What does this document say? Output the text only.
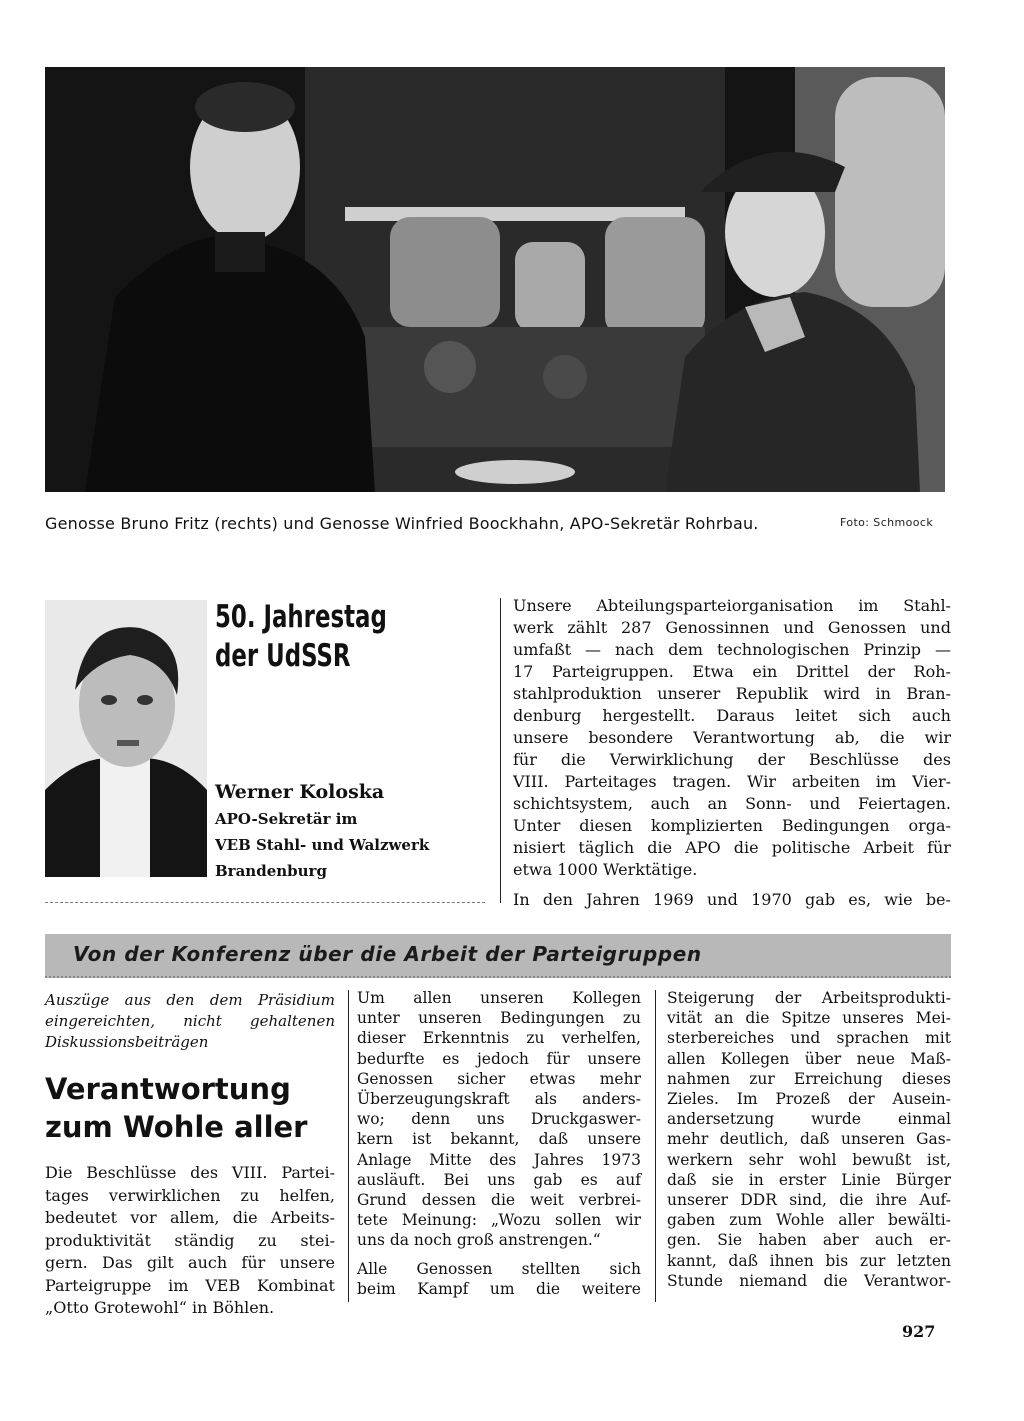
Genosse Bruno Fritz (rechts) und Genosse Winfried Boockhahn, APO-Sekretär Rohrbau.	Foto: Schmoock
50. Jahrestag
der UdSSR
Werner Koloska
APO-Sekretär im
VEB Stahl- und Walzwerk
Brandenburg
Unsere Abteilungsparteiorganisation im Stahl-
werk zählt 287 Genossinnen und Genossen und
umfaßt — nach dem technologischen Prinzip —
17 Parteigruppen. Etwa ein Drittel der Roh-
stahlproduktion unserer Republik wird in Bran-
denburg hergestellt. Daraus leitet sich auch
unsere besondere Verantwortung ab, die wir
für die Verwirklichung der Beschlüsse des
VIII. Parteitages tragen. Wir arbeiten im Vier-
schichtsystem, auch an Sonn- und Feiertagen.
Unter diesen komplizierten Bedingungen orga-
nisiert täglich die APO die politische Arbeit für
etwa 1000 Werktätige.
In den Jahren 1969 und 1970 gab es, wie be-
Von der Konferenz über die Arbeit der Parteigruppen
Auszüge aus den dem Präsidium
eingereichten, nicht gehaltenen
Diskussionsbeiträgen
Verantwortung
zum Wohle aller
Die Beschlüsse des VIII. Partei-
tages verwirklichen zu helfen,
bedeutet vor allem, die Arbeits-
produktivität ständig zu stei-
gern. Das gilt auch für unsere
Parteigruppe im VEB Kombinat
„Otto Grotewohl“ in Böhlen.
Um allen unseren Kollegen
unter unseren Bedingungen zu
dieser Erkenntnis zu verhelfen,
bedurfte es jedoch für unsere
Genossen sicher etwas mehr
Überzeugungskraft als anders-
wo; denn uns Druckgaswer-
kern ist bekannt, daß unsere
Anlage Mitte des Jahres 1973
ausläuft. Bei uns gab es auf
Grund dessen die weit verbrei-
tete Meinung: „Wozu sollen wir
uns da noch groß anstrengen.“
Alle Genossen stellten sich
beim Kampf um die weitere
Steigerung der Arbeitsprodukti-
vität an die Spitze unseres Mei-
sterbereiches und sprachen mit
allen Kollegen über neue Maß-
nahmen zur Erreichung dieses
Zieles. Im Prozeß der Ausein-
andersetzung wurde einmal
mehr deutlich, daß unseren Gas-
werkern sehr wohl bewußt ist,
daß sie in erster Linie Bürger
unserer DDR sind, die ihre Auf-
gaben zum Wohle aller bewälti-
gen. Sie haben aber auch er-
kannt, daß ihnen bis zur letzten
Stunde niemand die Verantwor-
927
